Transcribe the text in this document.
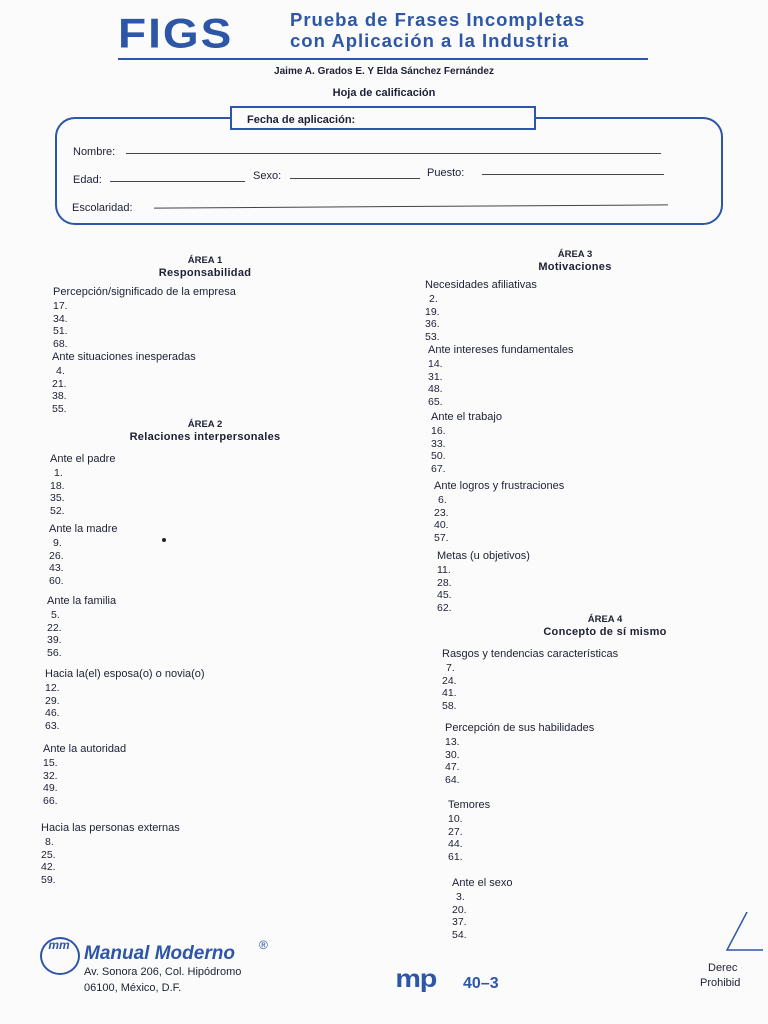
FIGS	Prueba de Frases Incompletas
con Aplicación a la Industria
Jaime A. Grados E. Y Elda Sánchez Fernández
Hoja de calificación
Fecha de aplicación:
Nombre:
Edad:	Sexo:	Puesto:
Escolaridad:
ÁREA 1
Responsabilidad
ÁREA 2
Relaciones interpersonales
ÁREA 3
Motivaciones
ÁREA 4
Concepto de sí mismo
Percepción/significado de la empresa
17.
34.
51.
68.
Ante situaciones inesperadas
4.
21.
38.
55.
Ante el padre
1.
18.
35.
52.
Ante la madre
9.
26.
43.
60.
Ante la familia
5.
22.
39.
56.
Hacia la(el) esposa(o) o novia(o)
12.
29.
46.
63.
Ante la autoridad
15.
32.
49.
66.
Hacia las personas externas
8.
25.
42.
59.
Necesidades afiliativas
2.
19.
36.
53.
Ante intereses fundamentales
14.
31.
48.
65.
Ante el trabajo
16.
33.
50.
67.
Ante logros y frustraciones
6.
23.
40.
57.
Metas (u objetivos)
11.
28.
45.
62.
Rasgos y tendencias características
7.
24.
41.
58.
Percepción de sus habilidades
13.
30.
47.
64.
Temores
10.
27.
44.
61.
Ante el sexo
3.
20.
37.
54.
mm Manual Moderno ®
Av. Sonora 206, Col. Hipódromo
06100, México, D.F.	mp 40–3
Derec
Prohibid
